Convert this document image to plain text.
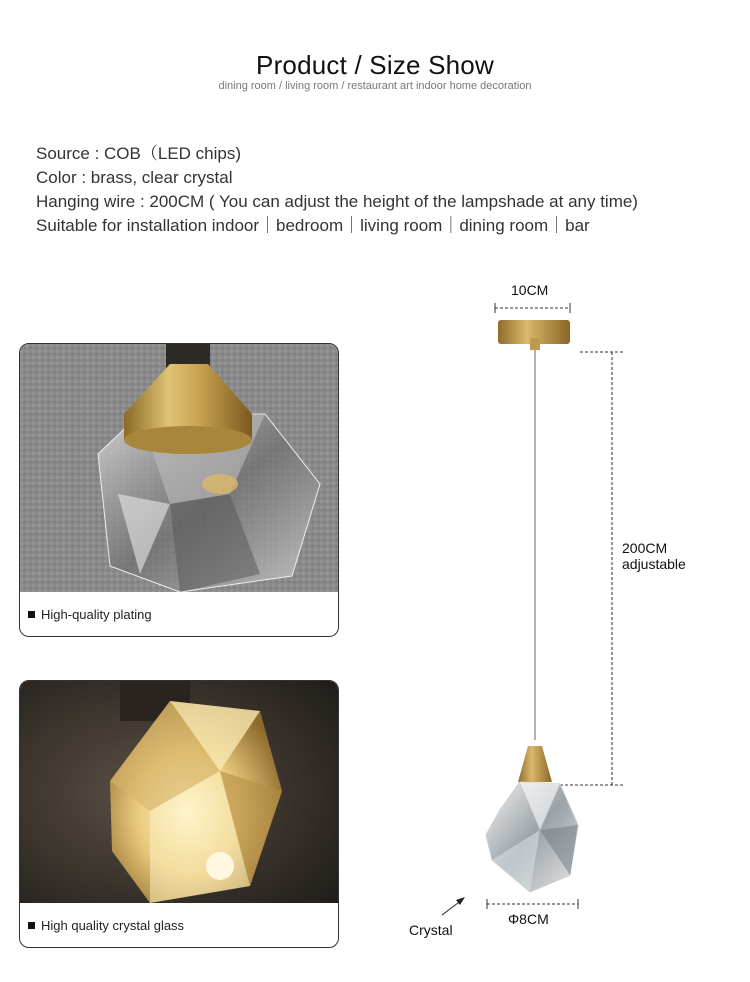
Product / Size Show
dining room / living room / restaurant art indoor home decoration
Source : COB（LED chips)
Color : brass, clear crystal
Hanging wire : 200CM ( You can adjust the height of the lampshade at any time)
Suitable for installation indoor｜bedroom｜living room｜dining room｜bar
High-quality plating
High quality crystal glass
10CM
200CM
adjustable
Crystal
Φ8CM
